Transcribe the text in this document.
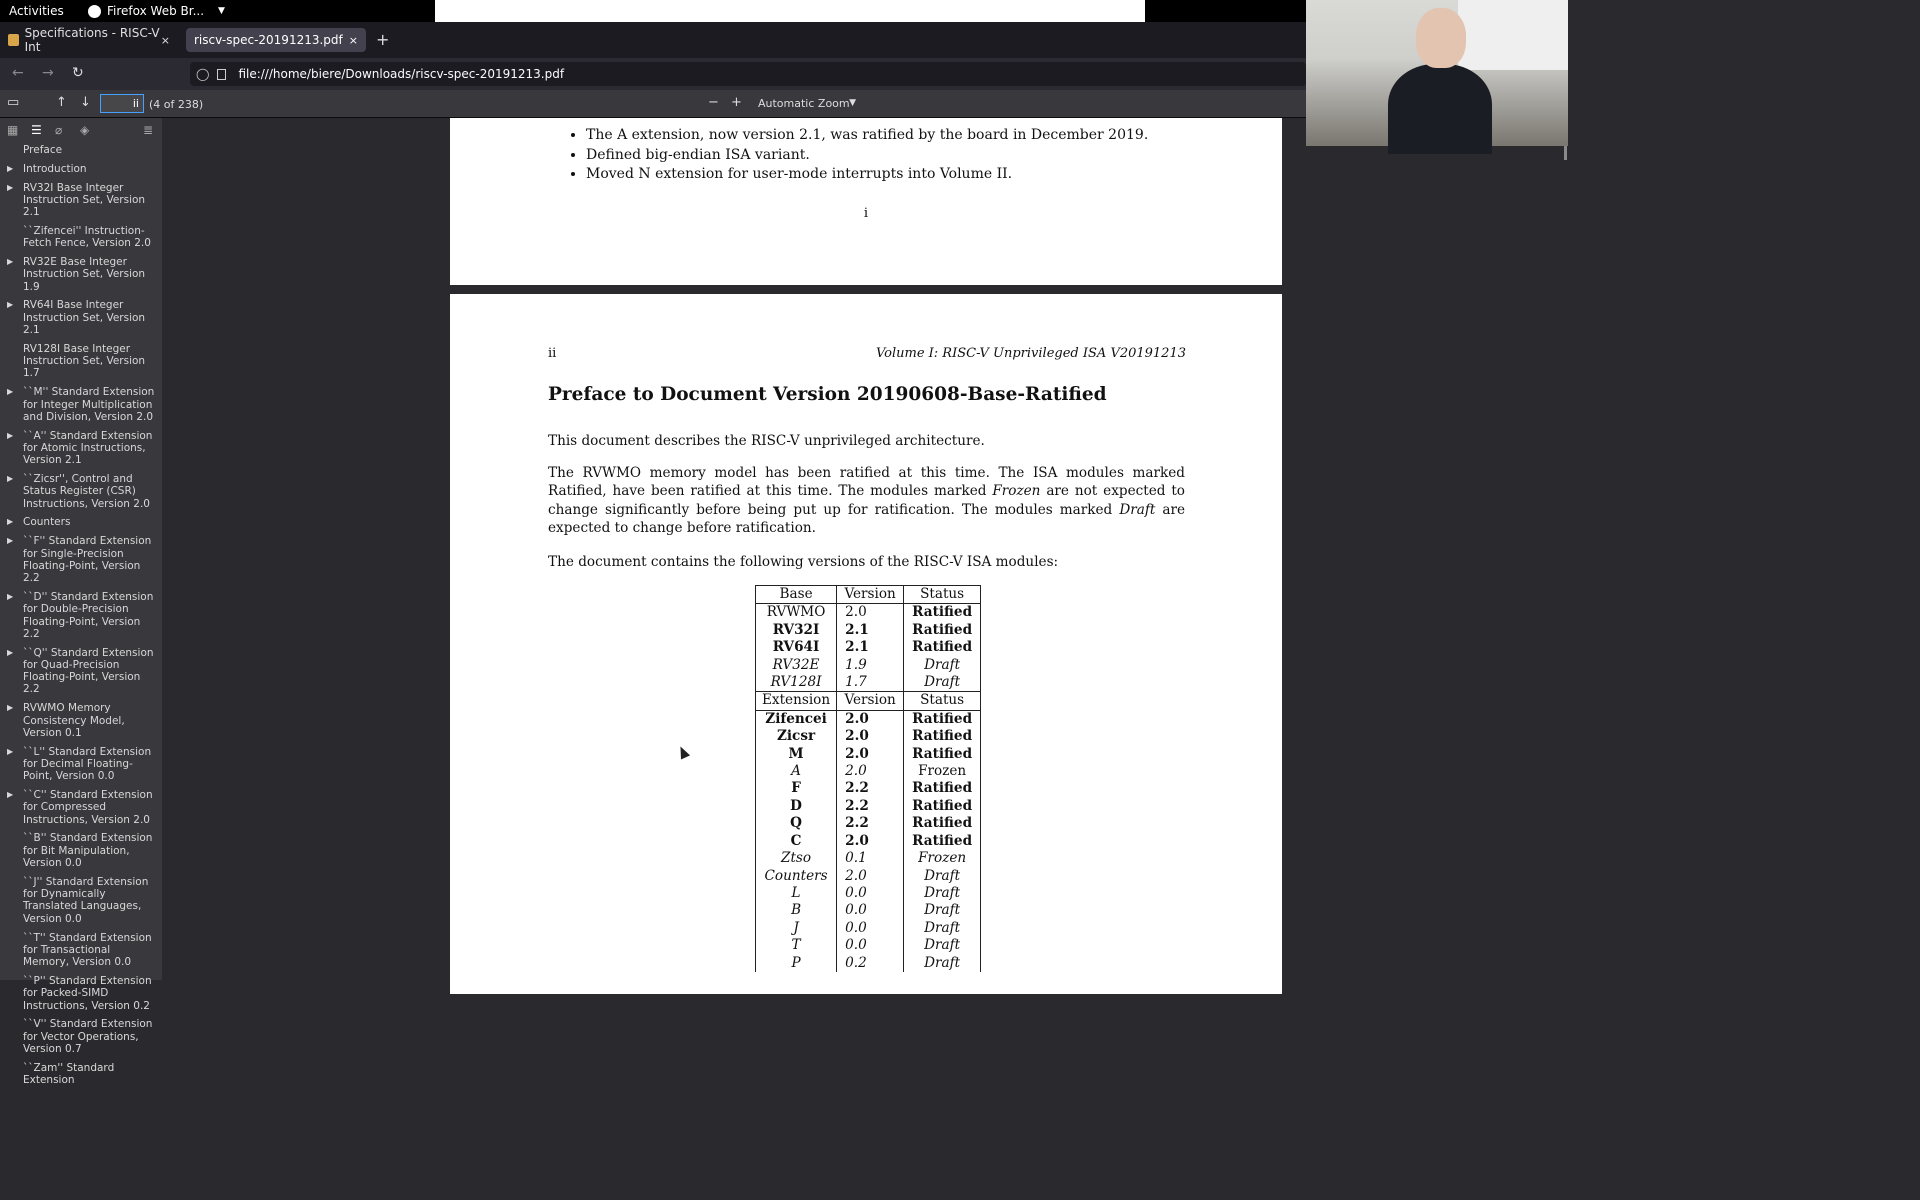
Activities	Firefox Web Br... ▼
Specifications - RISC-V Int	× riscv-spec-20191213.pdf × +
← → ↻	◯ file:///home/biere/Downloads/riscv-spec-20191213.pdf
▭	↑ ↓	ii (4 of 238)	− +	Automatic Zoom ▼
▦ ☰ ⌀ ◈	≣
Preface
▶ Introduction
▶ RV32I Base Integer Instruction Set, Version 2.1
``Zifencei'' Instruction-Fetch Fence, Version 2.0
▶ RV32E Base Integer Instruction Set, Version 1.9
▶ RV64I Base Integer Instruction Set, Version 2.1
RV128I Base Integer Instruction Set, Version 1.7
▶ ``M'' Standard Extension for Integer Multiplication and Division, Version 2.0
▶ ``A'' Standard Extension for Atomic Instructions, Version 2.1
▶ ``Zicsr'', Control and Status Register (CSR) Instructions, Version 2.0
▶ Counters
▶ ``F'' Standard Extension for Single-Precision Floating-Point, Version 2.2
▶ ``D'' Standard Extension for Double-Precision Floating-Point, Version 2.2
▶ ``Q'' Standard Extension for Quad-Precision Floating-Point, Version 2.2
▶ RVWMO Memory Consistency Model, Version 0.1
▶ ``L'' Standard Extension for Decimal Floating-Point, Version 0.0
▶ ``C'' Standard Extension for Compressed Instructions, Version 2.0
``B'' Standard Extension for Bit Manipulation, Version 0.0
``J'' Standard Extension for Dynamically Translated Languages, Version 0.0
``T'' Standard Extension for Transactional Memory, Version 0.0
``P'' Standard Extension for Packed-SIMD Instructions, Version 0.2
``V'' Standard Extension for Vector Operations, Version 0.7
``Zam'' Standard Extension
• The A extension, now version 2.1, was ratified by the board in December 2019.
• Defined big-endian ISA variant.
• Moved N extension for user-mode interrupts into Volume II.
i
ii	Volume I: RISC-V Unprivileged ISA V20191213
Preface to Document Version 20190608-Base-Ratified
This document describes the RISC-V unprivileged architecture.
The RVWMO memory model has been ratified at this time. The ISA modules marked Ratified, have been ratified at this time. The modules marked Frozen are not expected to change significantly before being put up for ratification. The modules marked Draft are expected to change before ratification.
The document contains the following versions of the RISC-V ISA modules:
Base	Version	Status
RVWMO	2.0	Ratified
RV32I	2.1	Ratified
RV64I	2.1	Ratified
RV32E	1.9	Draft
RV128I	1.7	Draft
Extension	Version	Status
Zifencei	2.0	Ratified
Zicsr	2.0	Ratified
M	2.0	Ratified
A	2.0	Frozen
F	2.2	Ratified
D	2.2	Ratified
Q	2.2	Ratified
C	2.0	Ratified
Ztso	0.1	Frozen
Counters	2.0	Draft
L	0.0	Draft
B	0.0	Draft
J	0.0	Draft
T	0.0	Draft
P	0.2	Draft
